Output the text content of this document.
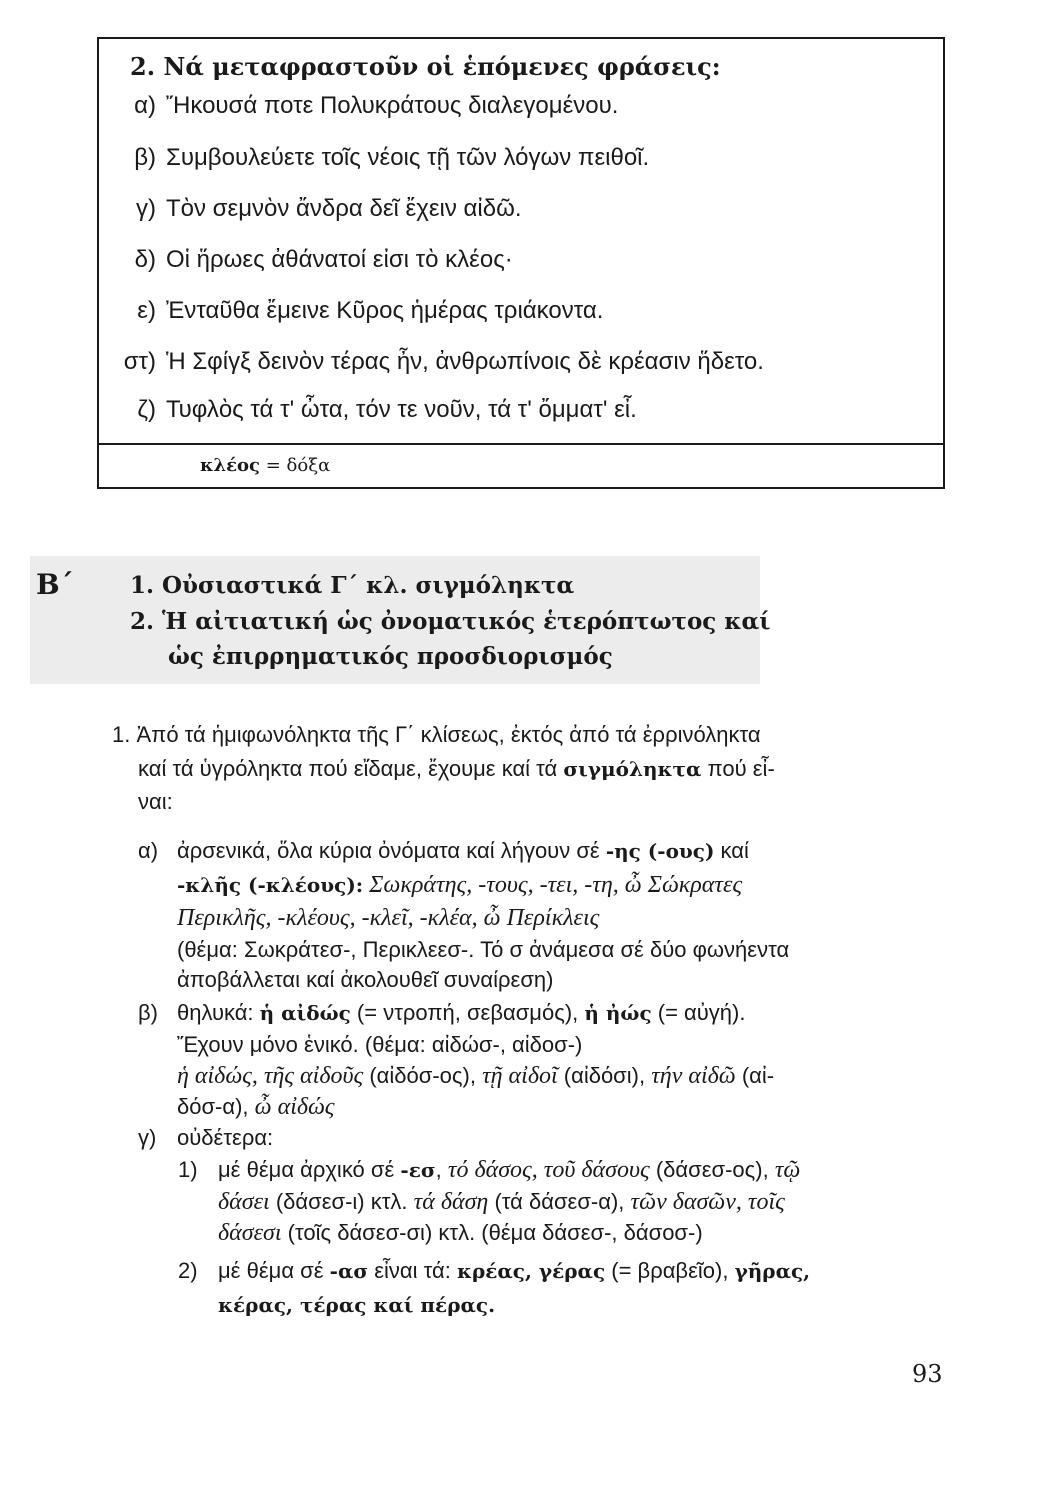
2. Νά μεταφραστοῦν οἱ ἑπόμενες φράσεις:
α) Ἤκουσά ποτε Πολυκράτους διαλεγομένου.
β) Συμβουλεύετε τοῖς νέοις τῇ τῶν λόγων πειθοῖ.
γ) Τὸν σεμνὸν ἄνδρα δεῖ ἔχειν αἰδῶ.
δ) Οἱ ἥρωες ἀθάνατοί εἰσι τὸ κλέος·
ε) Ἐνταῦθα ἔμεινε Κῦρος ἡμέρας τριάκοντα.
στ) Ἡ Σφίγξ δεινὸν τέρας ἦν, ἀνθρωπίνοις δὲ κρέασιν ἥδετο.
ζ) Τυφλὸς τά τ' ὦτα, τόν τε νοῦν, τά τ' ὄμματ' εἶ.
κλέος = δόξα
Β΄ 1. Οὐσιαστικά Γ΄ κλ. σιγμόληκτα
2. Ἡ αἰτιατική ὡς ὀνοματικός ἑτερόπτωτος καί
ὡς ἐπιρρηματικός προσδιορισμός
1. Ἀπό τά ἡμιφωνόληκτα τῆς Γ΄ κλίσεως, ἐκτός ἀπό τά ἐρρινόληκτα
καί τά ὑγρόληκτα πού εἴδαμε, ἔχουμε καί τά σιγμόληκτα πού εἶ-
ναι:
α) ἀρσενικά, ὅλα κύρια ὀνόματα καί λήγουν σέ -ης (-ους) καί
-κλῆς (-κλέους): Σωκράτης, -τους, -τει, -τη, ὦ Σώκρατες
Περικλῆς, -κλέους, -κλεῖ, -κλέα, ὦ Περίκλεις
(θέμα: Σωκράτεσ-, Περικλεεσ-. Τό σ ἀνάμεσα σέ δύο φωνήεντα
ἀποβάλλεται καί ἀκολουθεῖ συναίρεση)
β) θηλυκά: ἡ αἰδώς (= ντροπή, σεβασμός), ἡ ἠώς (= αὐγή).
Ἔχουν μόνο ἑνικό. (θέμα: αἰδώσ-, αἰδοσ-)
ἡ αἰδώς, τῆς αἰδοῦς (αἰδόσ-ος), τῇ αἰδοῖ (αἰδόσι), τήν αἰδῶ (αἰ-
δόσ-α), ὦ αἰδώς
γ) οὐδέτερα:
1) μέ θέμα ἀρχικό σέ -εσ, τό δάσος, τοῦ δάσους (δάσεσ-ος), τῷ
δάσει (δάσεσ-ι) κτλ. τά δάση (τά δάσεσ-α), τῶν δασῶν, τοῖς
δάσεσι (τοῖς δάσεσ-σι) κτλ. (θέμα δάσεσ-, δάσοσ-)
2) μέ θέμα σέ -ασ εἶναι τά: κρέας, γέρας (= βραβεῖο), γῆρας,
κέρας, τέρας καί πέρας.
93
